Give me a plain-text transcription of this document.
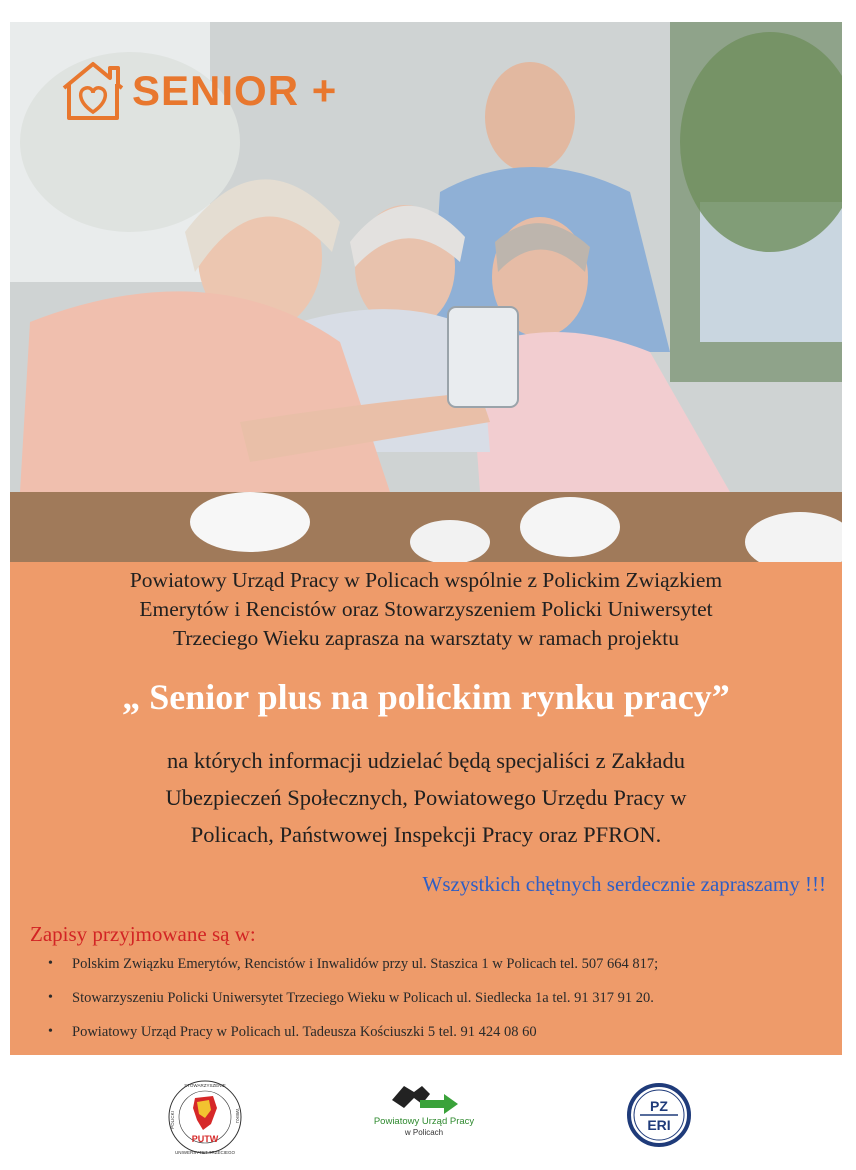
SENIOR +
Powiatowy Urząd Pracy w Policach wspólnie z Polickim Związkiem
Emerytów i Rencistów oraz Stowarzyszeniem Policki Uniwersytet
Trzeciego Wieku zaprasza na warsztaty w ramach projektu
„ Senior plus na polickim rynku pracy”
na których informacji udzielać będą specjaliści z Zakładu
Ubezpieczeń Społecznych, Powiatowego Urzędu Pracy w
Policach, Państwowej Inspekcji Pracy oraz PFRON.
Wszystkich chętnych serdecznie zapraszamy !!!
Zapisy przyjmowane są w:
• Polskim Związku Emerytów, Rencistów i Inwalidów przy ul. Staszica 1 w Policach tel. 507 664 817;
• Stowarzyszeniu Policki Uniwersytet Trzeciego Wieku w Policach ul. Siedlecka 1a tel. 91 317 91 20.
• Powiatowy Urząd Pracy w Policach ul. Tadeusza Kościuszki 5 tel. 91 424 08 60
PUTW
STOWARZYSZENIE
UNIWERSYTET TRZECIEGO
POLICKI	WIEKU	Powiatowy Urząd Pracy
w Policach
PZ
ERI
